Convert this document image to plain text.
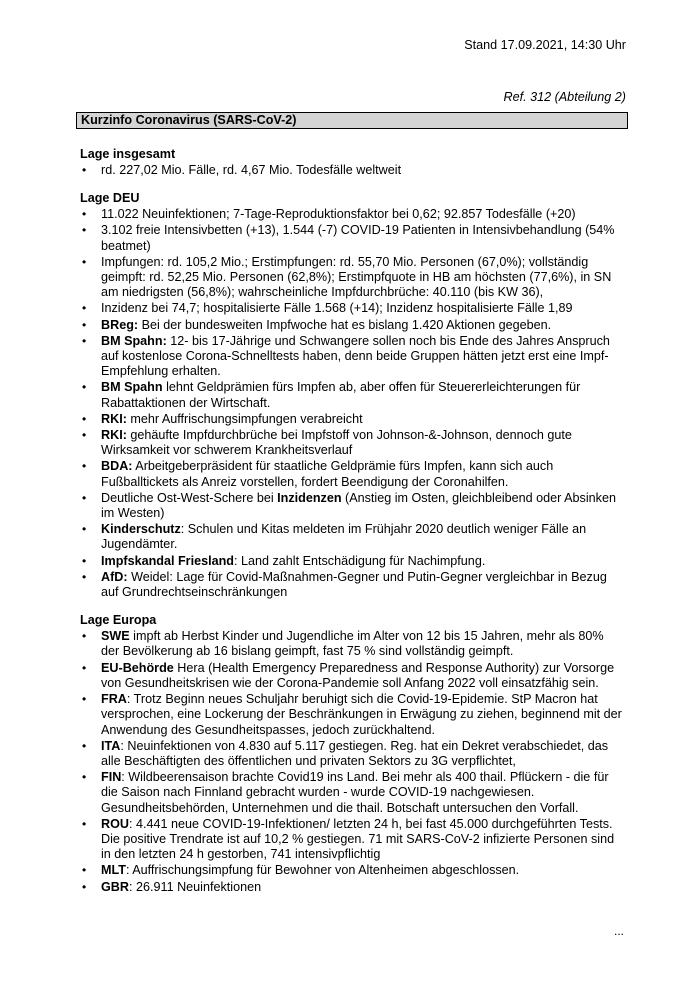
Stand 17.09.2021, 14:30 Uhr
Ref. 312 (Abteilung 2)
Kurzinfo Coronavirus (SARS-CoV-2)
Lage insgesamt
• rd. 227,02 Mio. Fälle, rd. 4,67 Mio. Todesfälle weltweit
Lage DEU
• 11.022 Neuinfektionen; 7-Tage-Reproduktionsfaktor bei 0,62; 92.857 Todesfälle (+20)
• 3.102 freie Intensivbetten (+13), 1.544 (-7) COVID-19 Patienten in Intensivbehandlung (54% beatmet)
• Impfungen: rd. 105,2 Mio.; Erstimpfungen: rd. 55,70 Mio. Personen (67,0%); vollständig geimpft: rd. 52,25 Mio. Personen (62,8%); Erstimpfquote in HB am höchsten (77,6%), in SN am niedrigsten (56,8%); wahrscheinliche Impfdurchbrüche: 40.110 (bis KW 36),
• Inzidenz bei 74,7; hospitalisierte Fälle 1.568 (+14); Inzidenz hospitalisierte Fälle 1,89
• BReg: Bei der bundesweiten Impfwoche hat es bislang 1.420 Aktionen gegeben.
• BM Spahn: 12- bis 17-Jährige und Schwangere sollen noch bis Ende des Jahres Anspruch auf kostenlose Corona-Schnelltests haben, denn beide Gruppen hätten jetzt erst eine Impf-Empfehlung erhalten.
• BM Spahn lehnt Geldprämien fürs Impfen ab, aber offen für Steuererleichterungen für Rabattaktionen der Wirtschaft.
• RKI: mehr Auffrischungsimpfungen verabreicht
• RKI: gehäufte Impfdurchbrüche bei Impfstoff von Johnson-&-Johnson, dennoch gute Wirksamkeit vor schwerem Krankheitsverlauf
• BDA: Arbeitgeberpräsident für staatliche Geldprämie fürs Impfen, kann sich auch Fußballtickets als Anreiz vorstellen, fordert Beendigung der Coronahilfen.
• Deutliche Ost-West-Schere bei Inzidenzen (Anstieg im Osten, gleichbleibend oder Absinken im Westen)
• Kinderschutz: Schulen und Kitas meldeten im Frühjahr 2020 deutlich weniger Fälle an Jugendämter.
• Impfskandal Friesland: Land zahlt Entschädigung für Nachimpfung.
• AfD: Weidel: Lage für Covid-Maßnahmen-Gegner und Putin-Gegner vergleichbar in Bezug auf Grundrechtseinschränkungen
Lage Europa
• SWE impft ab Herbst Kinder und Jugendliche im Alter von 12 bis 15 Jahren, mehr als 80% der Bevölkerung ab 16 bislang geimpft, fast 75 % sind vollständig geimpft.
• EU-Behörde Hera (Health Emergency Preparedness and Response Authority) zur Vorsorge von Gesundheitskrisen wie der Corona-Pandemie soll Anfang 2022 voll einsatzfähig sein.
• FRA: Trotz Beginn neues Schuljahr beruhigt sich die Covid-19-Epidemie. StP Macron hat versprochen, eine Lockerung der Beschränkungen in Erwägung zu ziehen, beginnend mit der Anwendung des Gesundheitspasses, jedoch zurückhaltend.
• ITA: Neuinfektionen von 4.830 auf 5.117 gestiegen. Reg. hat ein Dekret verabschiedet, das alle Beschäftigten des öffentlichen und privaten Sektors zu 3G verpflichtet,
• FIN: Wildbeerensaison brachte Covid19 ins Land. Bei mehr als 400 thail. Pflückern - die für die Saison nach Finnland gebracht wurden - wurde COVID-19 nachgewiesen. Gesundheitsbehörden, Unternehmen und die thail. Botschaft untersuchen den Vorfall.
• ROU: 4.441 neue COVID-19-Infektionen/ letzten 24 h, bei fast 45.000 durchgeführten Tests. Die positive Trendrate ist auf 10,2 % gestiegen. 71 mit SARS-CoV-2 infizierte Personen sind in den letzten 24 h gestorben, 741 intensivpflichtig
• MLT: Auffrischungsimpfung für Bewohner von Altenheimen abgeschlossen.
• GBR: 26.911 Neuinfektionen
...
